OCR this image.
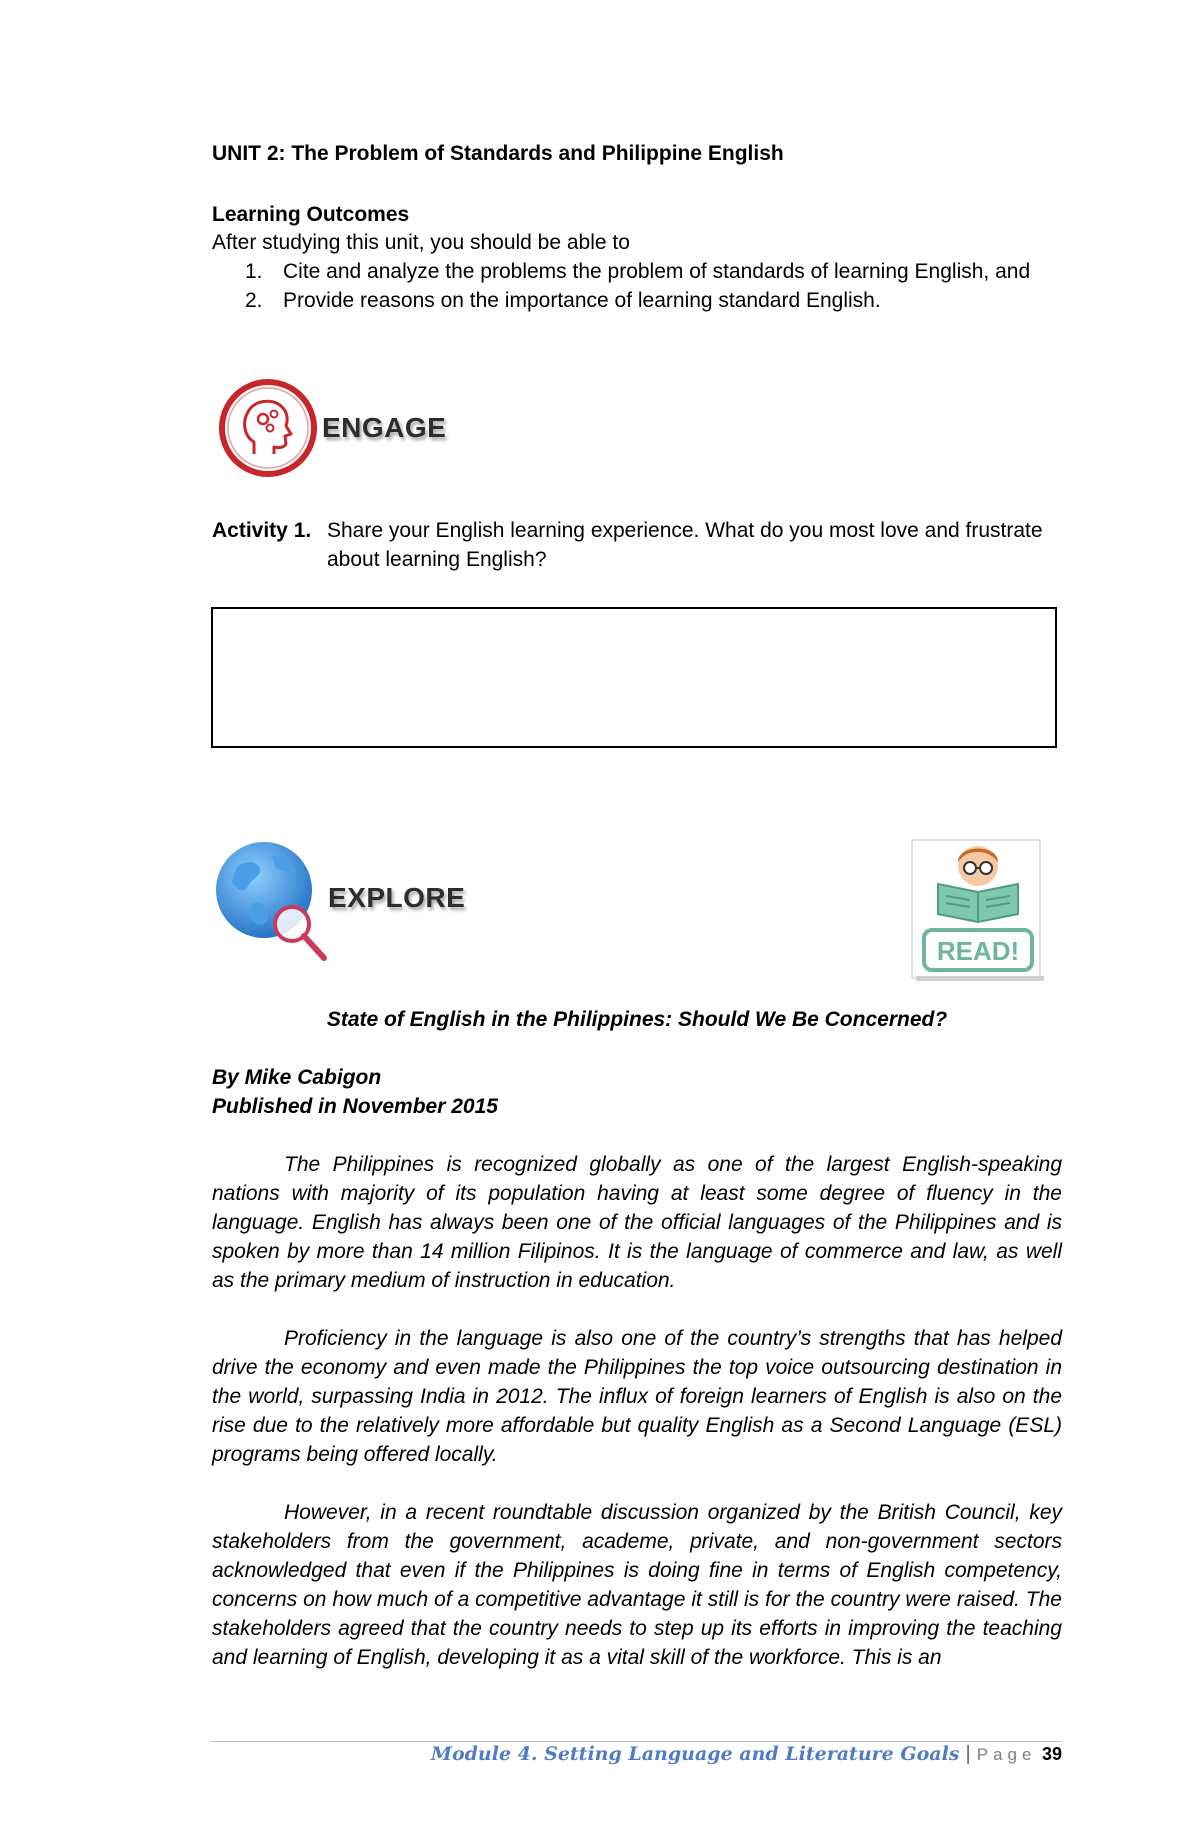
UNIT 2: The Problem of Standards and Philippine English
Learning Outcomes
After studying this unit, you should be able to
1. Cite and analyze the problems the problem of standards of learning English, and
2. Provide reasons on the importance of learning standard English.
ENGAGE
Activity 1. Share your English learning experience. What do you most love and frustrate about learning English?
EXPLORE
READ!
State of English in the Philippines: Should We Be Concerned?
By Mike Cabigon
Published in November 2015

The Philippines is recognized globally as one of the largest English-speaking nations with majority of its population having at least some degree of fluency in the language. English has always been one of the official languages of the Philippines and is spoken by more than 14 million Filipinos. It is the language of commerce and law, as well as the primary medium of instruction in education.

Proficiency in the language is also one of the country’s strengths that has helped drive the economy and even made the Philippines the top voice outsourcing destination in the world, surpassing India in 2012. The influx of foreign learners of English is also on the rise due to the relatively more affordable but quality English as a Second Language (ESL) programs being offered locally.

However, in a recent roundtable discussion organized by the British Council, key stakeholders from the government, academe, private, and non-government sectors acknowledged that even if the Philippines is doing fine in terms of English competency, concerns on how much of a competitive advantage it still is for the country were raised. The stakeholders agreed that the country needs to step up its efforts in improving the teaching and learning of English, developing it as a vital skill of the workforce. This is an

Module 4. Setting Language and Literature Goals | Page 39
